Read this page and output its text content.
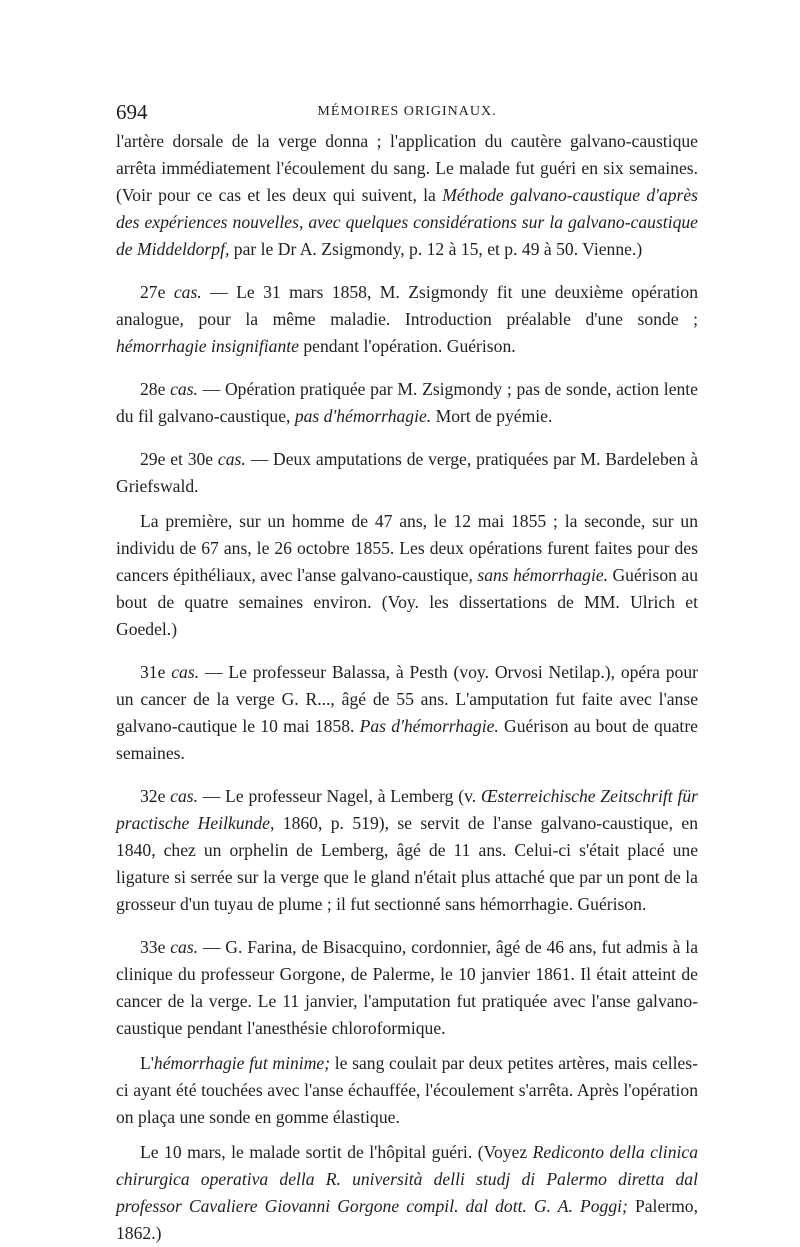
694	MÉMOIRES ORIGINAUX.

l'artère dorsale de la verge donna ; l'application du cautère galvano-caustique arrêta immédiatement l'écoulement du sang. Le malade fut guéri en six semaines. (Voir pour ce cas et les deux qui suivent, la Méthode galvano-caustique d'après des expériences nouvelles, avec quelques considérations sur la galvano-caustique de Middeldorpf, par le Dr A. Zsigmondy, p. 12 à 15, et p. 49 à 50. Vienne.)

27e cas. — Le 31 mars 1858, M. Zsigmondy fit une deuxième opération analogue, pour la même maladie. Introduction préalable d'une sonde ; hémorrhagie insignifiante pendant l'opération. Guérison.

28e cas. — Opération pratiquée par M. Zsigmondy ; pas de sonde, action lente du fil galvano-caustique, pas d'hémorrhagie. Mort de pyémie.

29e et 30e cas. — Deux amputations de verge, pratiquées par M. Bardeleben à Griefswald.

La première, sur un homme de 47 ans, le 12 mai 1855 ; la seconde, sur un individu de 67 ans, le 26 octobre 1855. Les deux opérations furent faites pour des cancers épithéliaux, avec l'anse galvano-caustique, sans hémorrhagie. Guérison au bout de quatre semaines environ. (Voy. les dissertations de MM. Ulrich et Goedel.)

31e cas. — Le professeur Balassa, à Pesth (voy. Orvosi Netilap.), opéra pour un cancer de la verge G. R..., âgé de 55 ans. L'amputation fut faite avec l'anse galvano-cautique le 10 mai 1858. Pas d'hémorrhagie. Guérison au bout de quatre semaines.

32e cas. — Le professeur Nagel, à Lemberg (v. Œsterreichische Zeitschrift für practische Heilkunde, 1860, p. 519), se servit de l'anse galvano-caustique, en 1840, chez un orphelin de Lemberg, âgé de 11 ans. Celui-ci s'était placé une ligature si serrée sur la verge que le gland n'était plus attaché que par un pont de la grosseur d'un tuyau de plume ; il fut sectionné sans hémorrhagie. Guérison.

33e cas. — G. Farina, de Bisacquino, cordonnier, âgé de 46 ans, fut admis à la clinique du professeur Gorgone, de Palerme, le 10 janvier 1861. Il était atteint de cancer de la verge. Le 11 janvier, l'amputation fut pratiquée avec l'anse galvano-caustique pendant l'anesthésie chloroformique.

L'hémorrhagie fut minime; le sang coulait par deux petites artères, mais celles-ci ayant été touchées avec l'anse échauffée, l'écoulement s'arrêta. Après l'opération on plaça une sonde en gomme élastique.

Le 10 mars, le malade sortit de l'hôpital guéri. (Voyez Rediconto della clinica chirurgica operativa della R. università delli studj di Palermo diretta dal professor Cavaliere Giovanni Gorgone compil. dal dott. G. A. Poggi; Palermo, 1862.)
